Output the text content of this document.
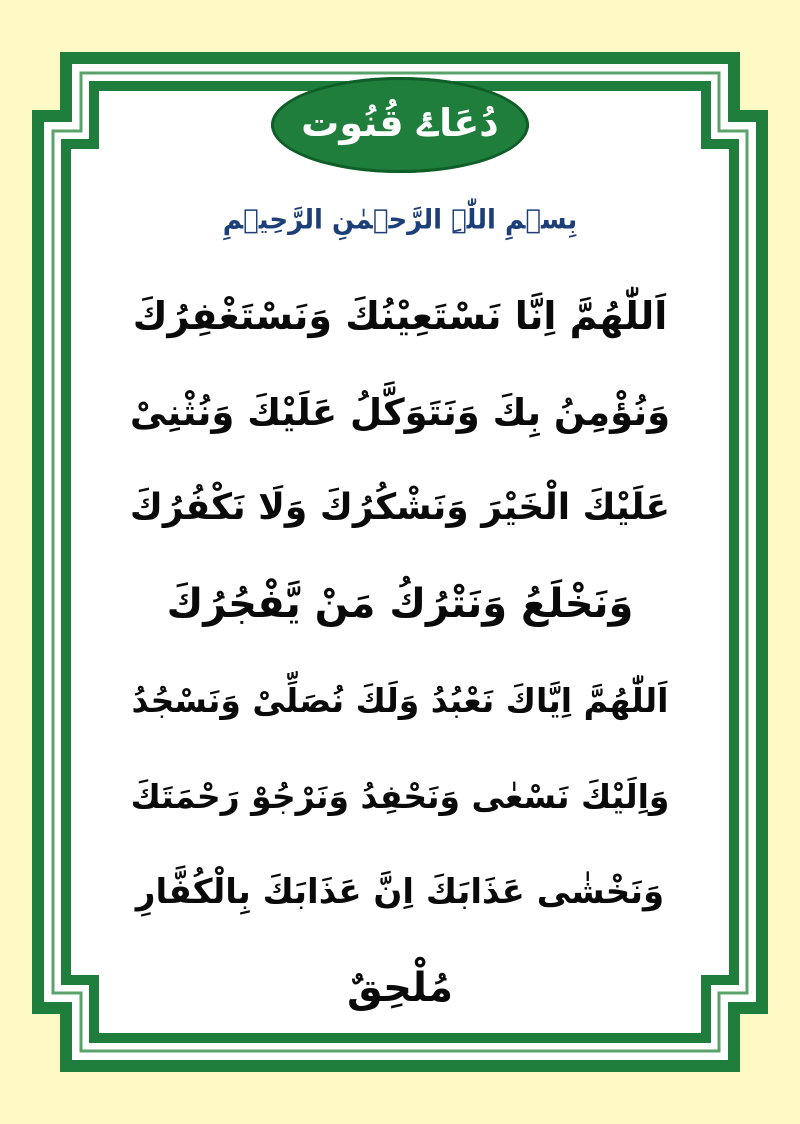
دُعَاۓ قُنُوت
بِسۡمِ اللّٰہِ الرَّحۡمٰنِ الرَّحِیۡمِ
اَللّٰھُمَّ اِنَّا نَسْتَعِیْنُكَ وَنَسْتَغْفِرُكَ
وَنُؤْمِنُ بِكَ وَنَتَوَكَّلُ عَلَیْكَ وَنُثْنِیْ
عَلَیْكَ الْخَیْرَ وَنَشْكُرُكَ وَلَا نَكْفُرُكَ
وَنَخْلَعُ وَنَتْرُكُ مَنْ یَّفْجُرُكَ
اَللّٰھُمَّ اِیَّاكَ نَعْبُدُ وَلَكَ نُصَلِّیْ وَنَسْجُدُ
وَاِلَیْكَ نَسْعٰی وَنَحْفِدُ وَنَرْجُوْ رَحْمَتَكَ
وَنَخْشٰی عَذَابَكَ اِنَّ عَذَابَكَ بِالْكُفَّارِ
مُلْحِقٌ
